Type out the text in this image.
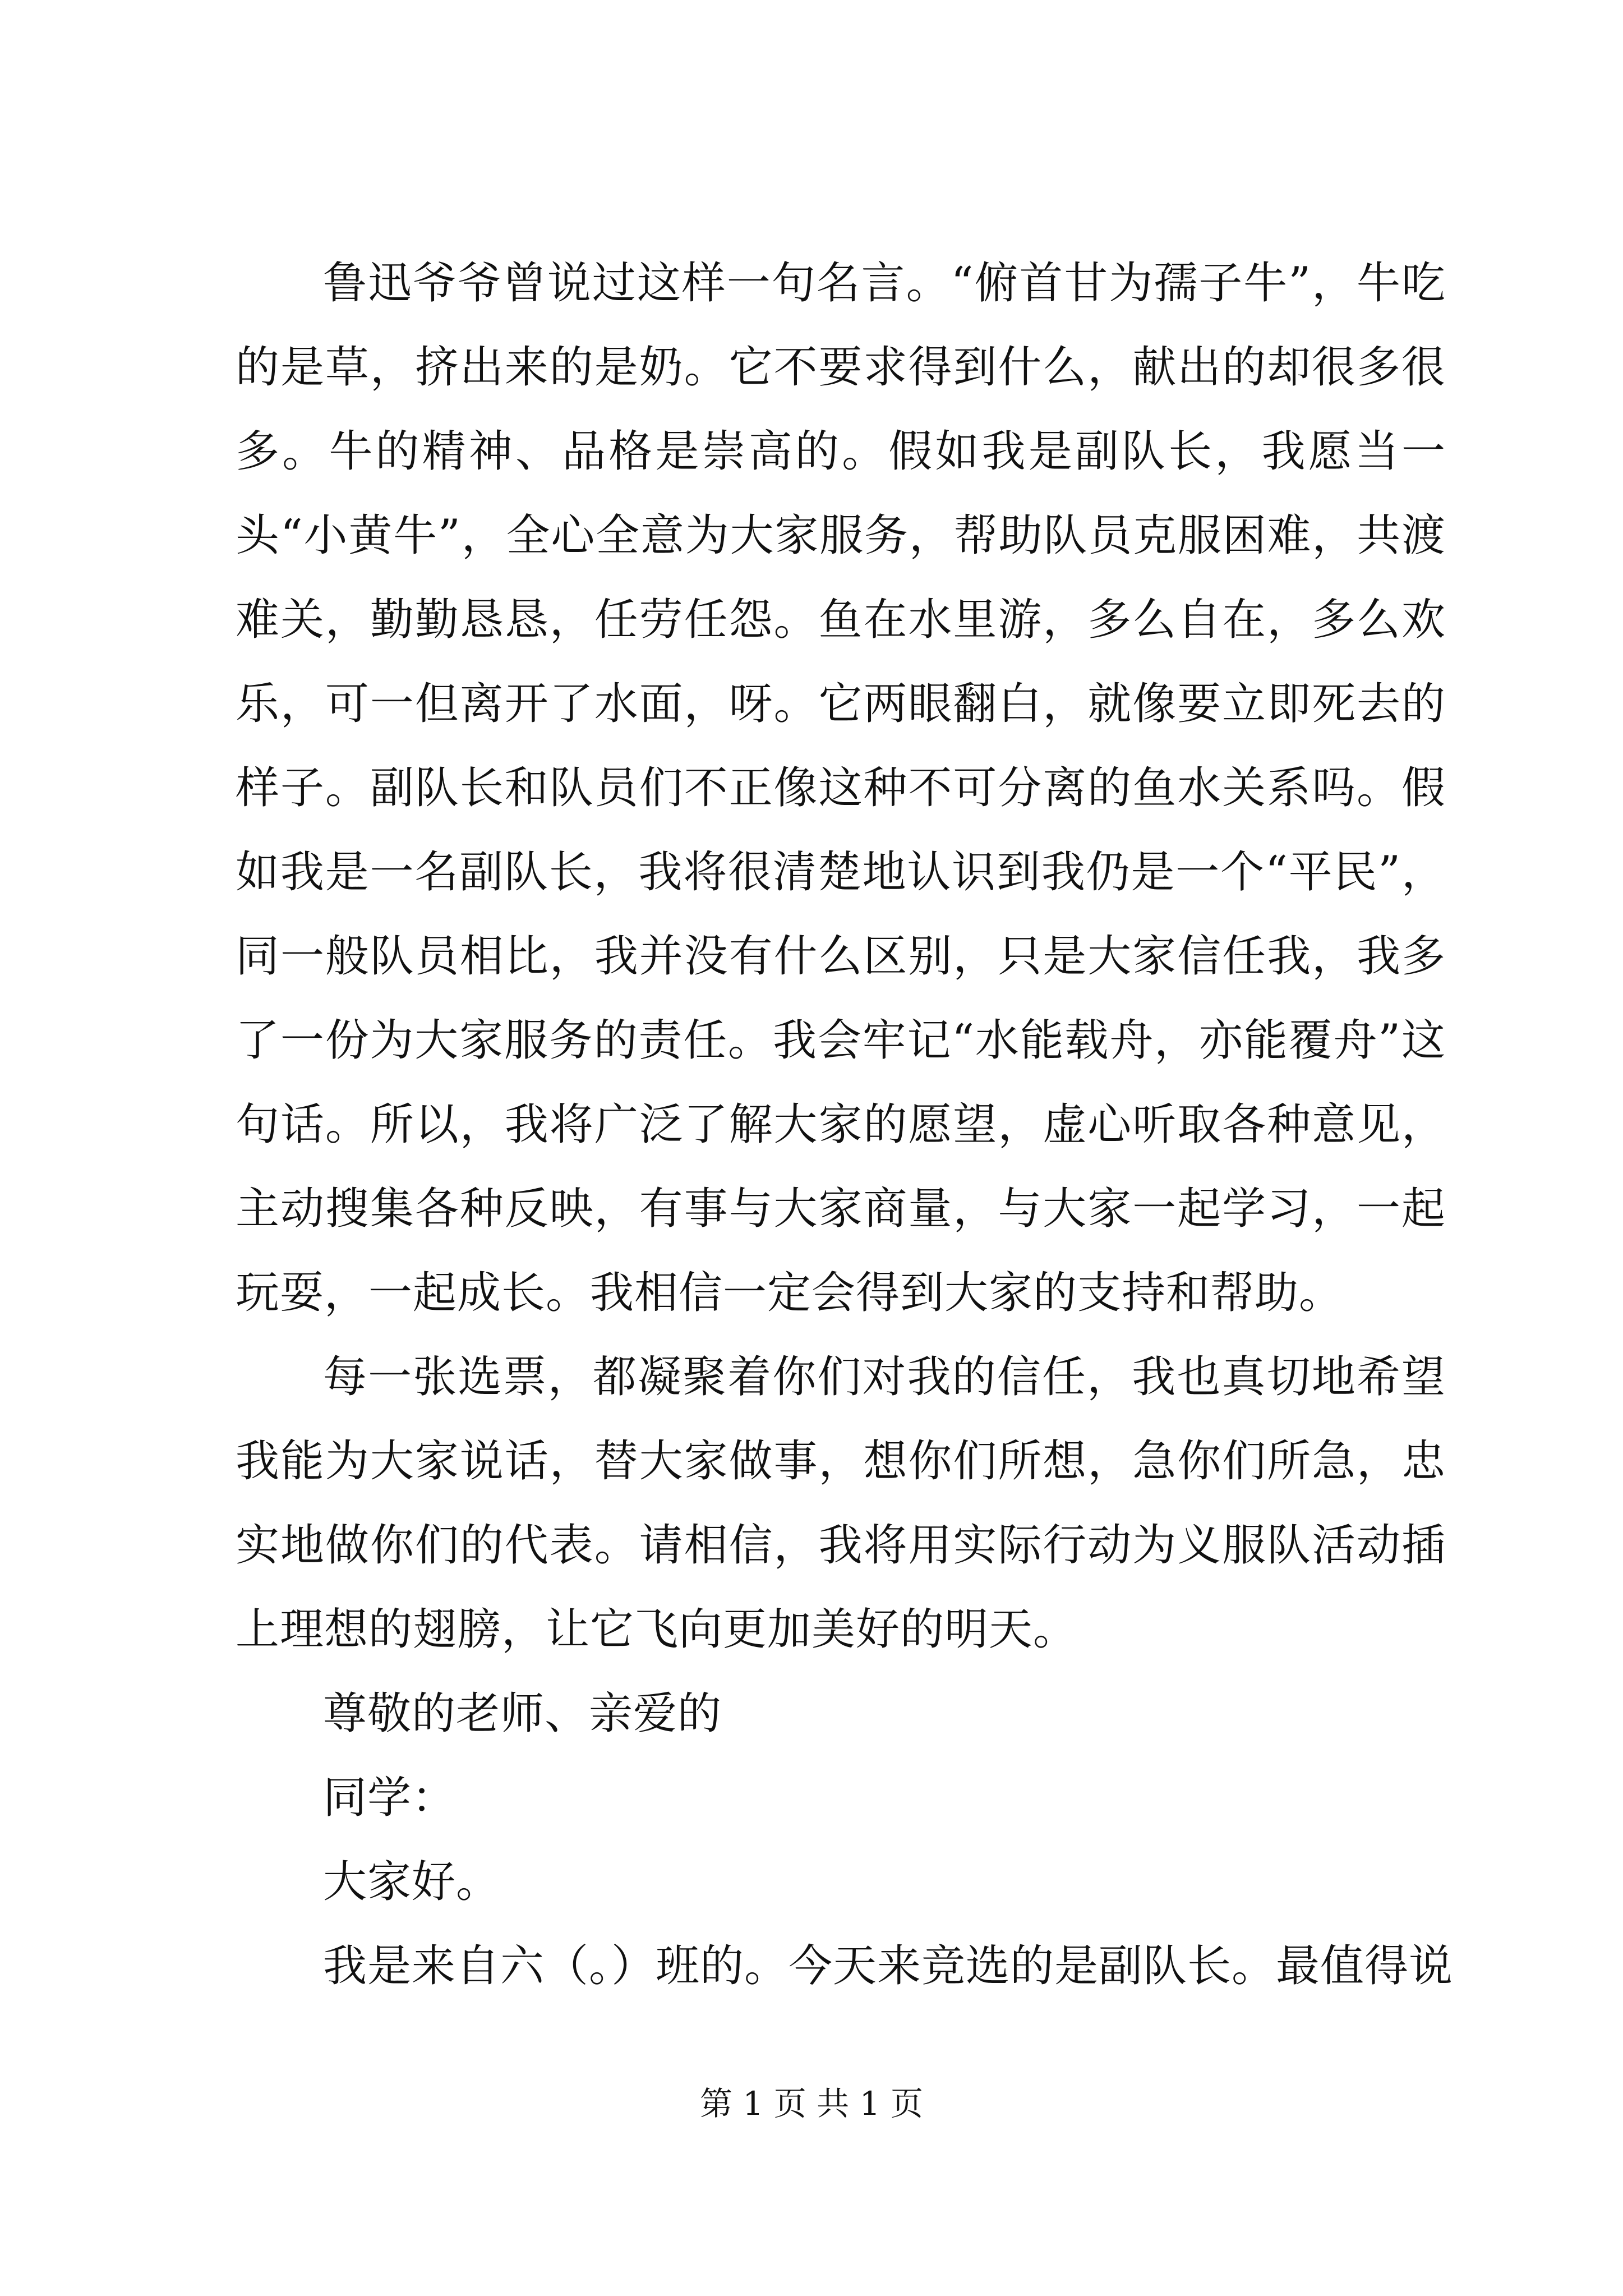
鲁迅爷爷曾说过这样一句名言。“俯首甘为孺子牛”，牛吃的是草，挤出来的是奶。它不要求得到什么，献出的却很多很多。牛的精神、品格是崇高的。假如我是副队长，我愿当一头“小黄牛”，全心全意为大家服务，帮助队员克服困难，共渡难关，勤勤恳恳，任劳任怨。鱼在水里游，多么自在，多么欢乐，可一但离开了水面，呀。它两眼翻白，就像要立即死去的样子。副队长和队员们不正像这种不可分离的鱼水关系吗。假如我是一名副队长，我将很清楚地认识到我仍是一个“平民”，同一般队员相比，我并没有什么区别，只是大家信任我，我多了一份为大家服务的责任。我会牢记“水能载舟，亦能覆舟”这句话。所以，我将广泛了解大家的愿望，虚心听取各种意见，主动搜集各种反映，有事与大家商量，与大家一起学习，一起玩耍，一起成长。我相信一定会得到大家的支持和帮助。

每一张选票，都凝聚着你们对我的信任，我也真切地希望我能为大家说话，替大家做事，想你们所想，急你们所急，忠实地做你们的代表。请相信，我将用实际行动为义服队活动插上理想的翅膀，让它飞向更加美好的明天。

尊敬的老师、亲爱的

同学：

大家好。

我是来自六（。）班的。今天来竞选的是副队长。最值得说

第 1 页 共 1 页
